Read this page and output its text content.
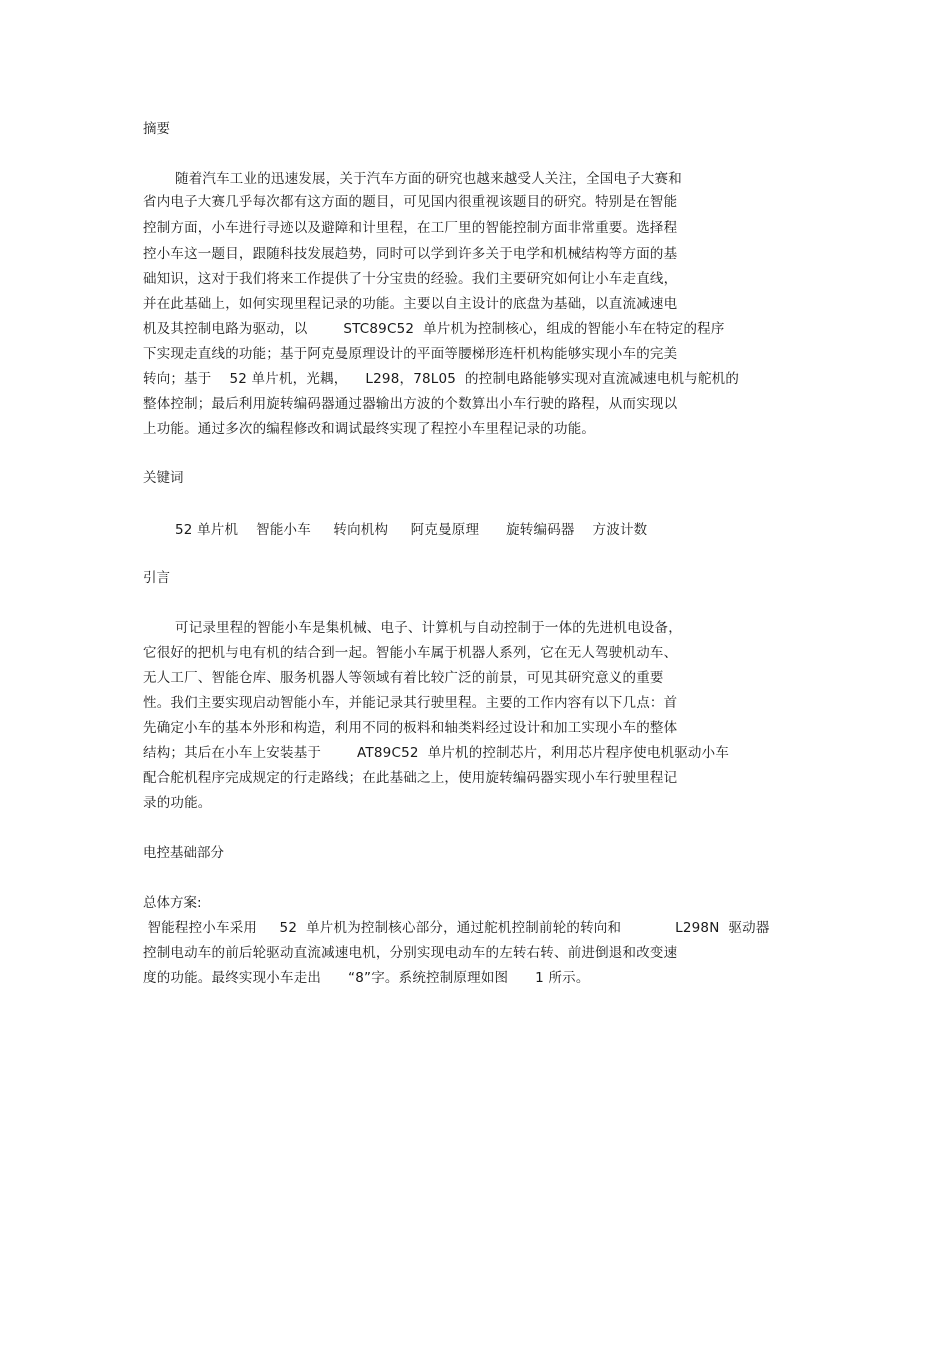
摘要
随着汽车工业的迅速发展，关于汽车方面的研究也越来越受人关注，全国电子大赛和
省内电子大赛几乎每次都有这方面的题目，可见国内很重视该题目的研究。特别是在智能
控制方面，小车进行寻迹以及避障和计里程，在工厂里的智能控制方面非常重要。选择程
控小车这一题目，跟随科技发展趋势，同时可以学到许多关于电学和机械结构等方面的基
础知识，这对于我们将来工作提供了十分宝贵的经验。我们主要研究如何让小车走直线，
并在此基础上，如何实现里程记录的功能。主要以自主设计的底盘为基础，以直流减速电
机及其控制电路为驱动，以        STC89C52  单片机为控制核心，组成的智能小车在特定的程序
下实现走直线的功能；基于阿克曼原理设计的平面等腰梯形连杆机构能够实现小车的完美
转向；基于    52 单片机，光耦，    L298，78L05  的控制电路能够实现对直流减速电机与舵机的
整体控制；最后利用旋转编码器通过器输出方波的个数算出小车行驶的路程，从而实现以
上功能。通过多次的编程修改和调试最终实现了程控小车里程记录的功能。
关键词
52 单片机    智能小车     转向机构     阿克曼原理      旋转编码器    方波计数
引言
可记录里程的智能小车是集机械、电子、计算机与自动控制于一体的先进机电设备，
它很好的把机与电有机的结合到一起。智能小车属于机器人系列，它在无人驾驶机动车、
无人工厂、智能仓库、服务机器人等领域有着比较广泛的前景，可见其研究意义的重要
性。我们主要实现启动智能小车，并能记录其行驶里程。主要的工作内容有以下几点：首
先确定小车的基本外形和构造，利用不同的板料和轴类料经过设计和加工实现小车的整体
结构；其后在小车上安装基于        AT89C52  单片机的控制芯片，利用芯片程序使电机驱动小车
配合舵机程序完成规定的行走路线；在此基础之上，使用旋转编码器实现小车行驶里程记
录的功能。
电控基础部分
总体方案:
智能程控小车采用     52  单片机为控制核心部分，通过舵机控制前轮的转向和            L298N  驱动器
控制电动车的前后轮驱动直流减速电机，分别实现电动车的左转右转、前进倒退和改变速
度的功能。最终实现小车走出      “8”字。系统控制原理如图      1 所示。
